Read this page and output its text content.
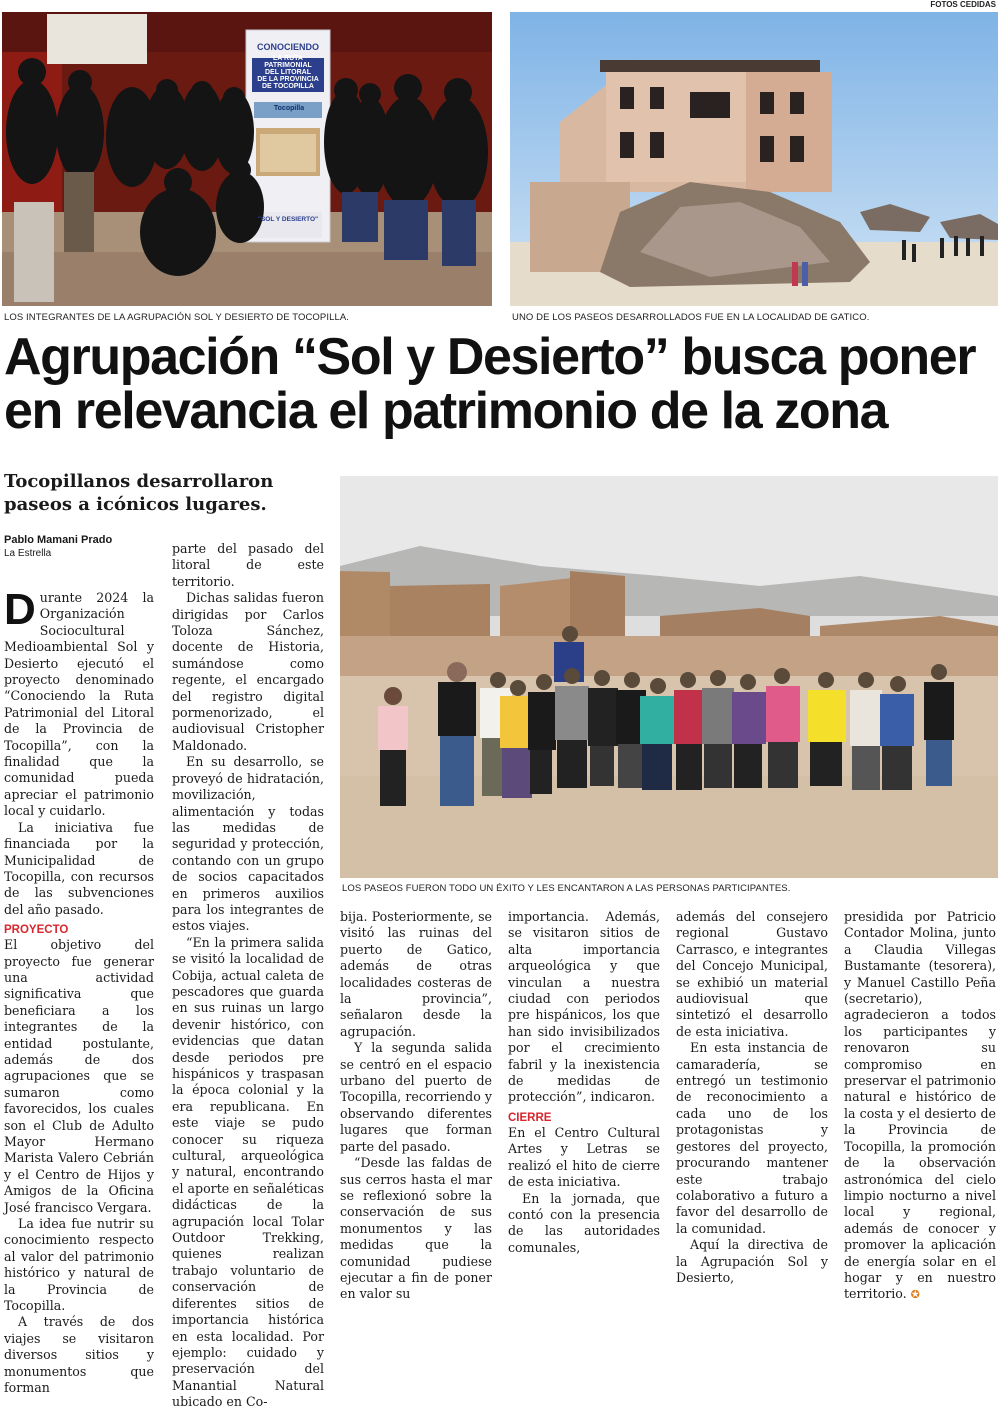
FOTOS CEDIDAS
CONOCIENDO
LA RUTA PATRIMONIAL
DEL LITORAL
DE LA PROVINCIA
DE TOCOPILLA
Tocopilla
"SOL Y DESIERTO"
LOS INTEGRANTES DE LA AGRUPACIÓN SOL Y DESIERTO DE TOCOPILLA.	UNO DE LOS PASEOS DESARROLLADOS FUE EN LA LOCALIDAD DE GATICO.
Agrupación “Sol y Desierto” busca poner en relevancia el patrimonio de la zona

Tocopillanos desarrollaron paseos a icónicos lugares.

LOS PASEOS FUERON TODO UN ÉXITO Y LES ENCANTARON A LAS PERSONAS PARTICIPANTES.
Pablo Mamani Prado
La Estrella

Durante 2024 la Organización Sociocultural Medioambiental Sol y Desierto ejecutó el proyecto denominado “Conociendo la Ruta Patrimonial del Litoral de la Provincia de Tocopilla”, con la finalidad que la comunidad pueda apreciar el patrimonio local y cuidarlo.

La iniciativa fue financiada por la Municipalidad de Tocopilla, con recursos de las subvenciones del año pasado.

PROYECTO

El objetivo del proyecto fue generar una actividad significativa que beneficiara a los integrantes de la entidad postulante, además de dos agrupaciones que se sumaron como favorecidos, los cuales son el Club de Adulto Mayor Hermano Marista Valero Cebrián y el Centro de Hijos y Amigos de la Oficina José francisco Vergara.

La idea fue nutrir su conocimiento respecto al valor del patrimonio histórico y natural de la Provincia de Tocopilla.

A través de dos viajes se visitaron diversos sitios y monumentos que forman

parte del pasado del litoral de este territorio.

Dichas salidas fueron dirigidas por Carlos Toloza Sánchez, docente de Historia, sumándose como regente, el encargado del registro digital pormenorizado, el audiovisual Cristopher Maldonado.

En su desarrollo, se proveyó de hidratación, movilización, alimentación y todas las medidas de seguridad y protección, contando con un grupo de socios capacitados en primeros auxilios para los integrantes de estos viajes.

“En la primera salida se visitó la localidad de Cobija, actual caleta de pescadores que guarda en sus ruinas un largo devenir histórico, con evidencias que datan desde periodos pre hispánicos y traspasan la época colonial y la era republicana. En este viaje se pudo conocer su riqueza cultural, arqueológica y natural, encontrando el aporte en señaléticas didácticas de la agrupación local Tolar Outdoor Trekking, quienes realizan trabajo voluntario de conservación de diferentes sitios de importancia histórica en esta localidad. Por ejemplo: cuidado y preservación del Manantial Natural ubicado en Co-

bija. Posteriormente, se visitó las ruinas del puerto de Gatico, además de otras localidades costeras de la provincia”, señalaron desde la agrupación.

Y la segunda salida se centró en el espacio urbano del puerto de Tocopilla, recorriendo y observando diferentes lugares que forman parte del pasado.

“Desde las faldas de sus cerros hasta el mar se reflexionó sobre la conservación de sus monumentos y las medidas que la comunidad pudiese ejecutar a fin de poner en valor su

importancia. Además, se visitaron sitios de alta importancia arqueológica y que vinculan a nuestra ciudad con periodos pre hispánicos, los que han sido invisibilizados por el crecimiento fabril y la inexistencia de medidas de protección”, indicaron.

CIERRE

En el Centro Cultural Artes y Letras se realizó el hito de cierre de esta iniciativa.

En la jornada, que contó con la presencia de las autoridades comunales,

además del consejero regional Gustavo Carrasco, e integrantes del Concejo Municipal, se exhibió un material audiovisual que sintetizó el desarrollo de esta iniciativa.

En esta instancia de camaradería, se entregó un testimonio de reconocimiento a cada uno de los protagonistas y gestores del proyecto, procurando mantener este trabajo colaborativo a futuro a favor del desarrollo de la comunidad.

Aquí la directiva de la Agrupación Sol y Desierto,

presidida por Patricio Contador Molina, junto a Claudia Villegas Bustamante (tesorera), y Manuel Castillo Peña (secretario), agradecieron a todos los participantes y renovaron su compromiso en preservar el patrimonio natural e histórico de la costa y el desierto de la Provincia de Tocopilla, la promoción de la observación astronómica del cielo limpio nocturno a nivel local y regional, además de conocer y promover la aplicación de energía solar en el hogar y en nuestro territorio. ✪
